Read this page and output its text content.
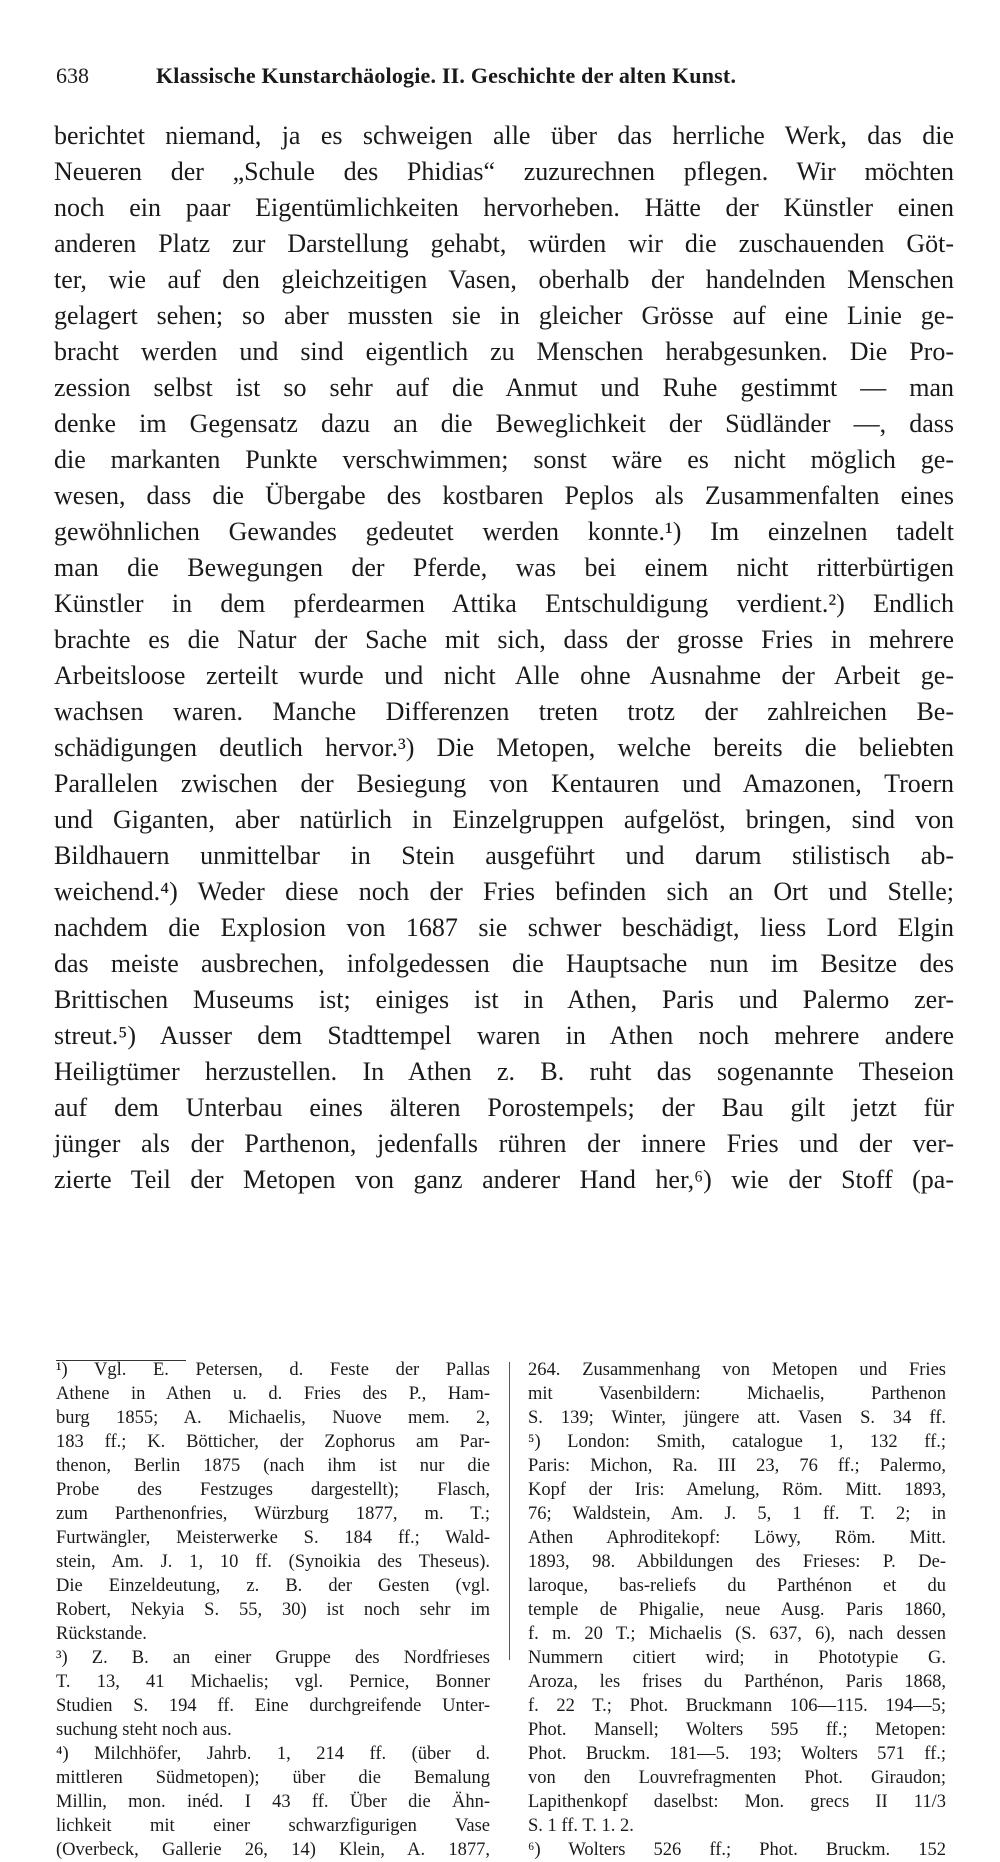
638	Klassische Kunstarchäologie. II. Geschichte der alten Kunst.
berichtet niemand, ja es schweigen alle über das herrliche Werk, das die
Neueren der „Schule des Phidias“ zuzurechnen pflegen. Wir möchten
noch ein paar Eigentümlichkeiten hervorheben. Hätte der Künstler einen
anderen Platz zur Darstellung gehabt, würden wir die zuschauenden Göt-
ter, wie auf den gleichzeitigen Vasen, oberhalb der handelnden Menschen
gelagert sehen; so aber mussten sie in gleicher Grösse auf eine Linie ge-
bracht werden und sind eigentlich zu Menschen herabgesunken. Die Pro-
zession selbst ist so sehr auf die Anmut und Ruhe gestimmt — man
denke im Gegensatz dazu an die Beweglichkeit der Südländer —, dass
die markanten Punkte verschwimmen; sonst wäre es nicht möglich ge-
wesen, dass die Übergabe des kostbaren Peplos als Zusammenfalten eines
gewöhnlichen Gewandes gedeutet werden konnte.¹) Im einzelnen tadelt
man die Bewegungen der Pferde, was bei einem nicht ritterbürtigen
Künstler in dem pferdearmen Attika Entschuldigung verdient.²) Endlich
brachte es die Natur der Sache mit sich, dass der grosse Fries in mehrere
Arbeitsloose zerteilt wurde und nicht Alle ohne Ausnahme der Arbeit ge-
wachsen waren. Manche Differenzen treten trotz der zahlreichen Be-
schädigungen deutlich hervor.³) Die Metopen, welche bereits die beliebten
Parallelen zwischen der Besiegung von Kentauren und Amazonen, Troern
und Giganten, aber natürlich in Einzelgruppen aufgelöst, bringen, sind von
Bildhauern unmittelbar in Stein ausgeführt und darum stilistisch ab-
weichend.⁴) Weder diese noch der Fries befinden sich an Ort und Stelle;
nachdem die Explosion von 1687 sie schwer beschädigt, liess Lord Elgin
das meiste ausbrechen, infolgedessen die Hauptsache nun im Besitze des
Brittischen Museums ist; einiges ist in Athen, Paris und Palermo zer-
streut.⁵) Ausser dem Stadttempel waren in Athen noch mehrere andere
Heiligtümer herzustellen. In Athen z. B. ruht das sogenannte Theseion
auf dem Unterbau eines älteren Porostempels; der Bau gilt jetzt für
jünger als der Parthenon, jedenfalls rühren der innere Fries und der ver-
zierte Teil der Metopen von ganz anderer Hand her,⁶) wie der Stoff (pa-
¹) Vgl. E. Petersen, d. Feste der Pallas
Athene in Athen u. d. Fries des P., Ham-
burg 1855; A. Michaelis, Nuove mem. 2,
183 ff.; K. Bötticher, der Zophorus am Par-
thenon, Berlin 1875 (nach ihm ist nur die
Probe des Festzuges dargestellt); Flasch,
zum Parthenonfries, Würzburg 1877, m. T.;
Furtwängler, Meisterwerke S. 184 ff.; Wald-
stein, Am. J. 1, 10 ff. (Synoikia des Theseus).
Die Einzeldeutung, z. B. der Gesten (vgl.
Robert, Nekyia S. 55, 30) ist noch sehr im
Rückstande.
³) Z. B. an einer Gruppe des Nordfrieses
T. 13, 41 Michaelis; vgl. Pernice, Bonner
Studien S. 194 ff. Eine durchgreifende Unter-
suchung steht noch aus.
⁴) Milchhöfer, Jahrb. 1, 214 ff. (über d.
mittleren Südmetopen); über die Bemalung
Millin, mon. inéd. I 43 ff. Über die Ähn-
lichkeit mit einer schwarzfigurigen Vase
(Overbeck, Gallerie 26, 14) Klein, A. 1877,
264. Zusammenhang von Metopen und Fries
mit Vasenbildern: Michaelis, Parthenon
S. 139; Winter, jüngere att. Vasen S. 34 ff.
⁵) London: Smith, catalogue 1, 132 ff.;
Paris: Michon, Ra. III 23, 76 ff.; Palermo,
Kopf der Iris: Amelung, Röm. Mitt. 1893,
76; Waldstein, Am. J. 5, 1 ff. T. 2; in
Athen Aphroditekopf: Löwy, Röm. Mitt.
1893, 98. Abbildungen des Frieses: P. De-
laroque, bas-reliefs du Parthénon et du
temple de Phigalie, neue Ausg. Paris 1860,
f. m. 20 T.; Michaelis (S. 637, 6), nach dessen
Nummern citiert wird; in Phototypie G.
Aroza, les frises du Parthénon, Paris 1868,
f. 22 T.; Phot. Bruckmann 106—115. 194—5;
Phot. Mansell; Wolters 595 ff.; Metopen:
Phot. Bruckm. 181—5. 193; Wolters 571 ff.;
von den Louvrefragmenten Phot. Giraudon;
Lapithenkopf daselbst: Mon. grecs II 11/3
S. 1 ff. T. 1. 2.
⁶) Wolters 526 ff.; Phot. Bruckm. 152
